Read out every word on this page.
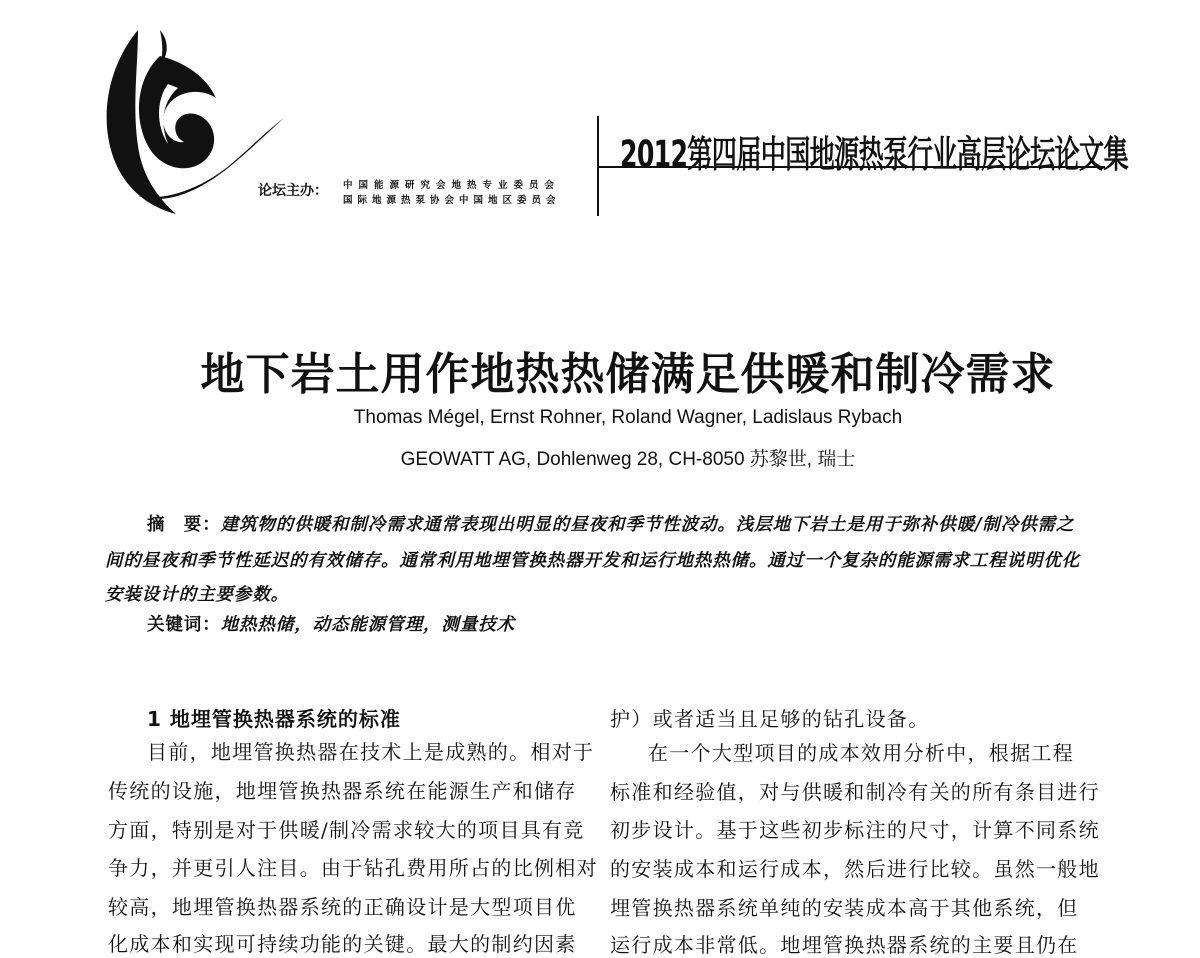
2012第四届中国地源热泵行业高层论坛论文集
论坛主办： 中国能源研究会地热专业委员会
国际地源热泵协会中国地区委员会
地下岩土用作地热热储满足供暖和制冷需求
Thomas Mégel, Ernst Rohner, Roland Wagner, Ladislaus Rybach
GEOWATT AG, Dohlenweg 28, CH-8050 苏黎世, 瑞士
摘　要：建筑物的供暖和制冷需求通常表现出明显的昼夜和季节性波动。浅层地下岩土是用于弥补供暖/制冷供需之
间的昼夜和季节性延迟的有效储存。通常利用地埋管换热器开发和运行地热热储。通过一个复杂的能源需求工程说明优化
安装设计的主要参数。
关键词：地热热储，动态能源管理，测量技术
1 地埋管换热器系统的标准
目前，地埋管换热器在技术上是成熟的。相对于
传统的设施，地埋管换热器系统在能源生产和储存
方面，特别是对于供暖/制冷需求较大的项目具有竞
争力，并更引人注目。由于钻孔费用所占的比例相对
较高，地埋管换热器系统的正确设计是大型项目优
化成本和实现可持续功能的关键。最大的制约因素
护）或者适当且足够的钻孔设备。
在一个大型项目的成本效用分析中，根据工程
标准和经验值，对与供暖和制冷有关的所有条目进行
初步设计。基于这些初步标注的尺寸，计算不同系统
的安装成本和运行成本，然后进行比较。虽然一般地
埋管换热器系统单纯的安装成本高于其他系统，但
运行成本非常低。地埋管换热器系统的主要且仍在
